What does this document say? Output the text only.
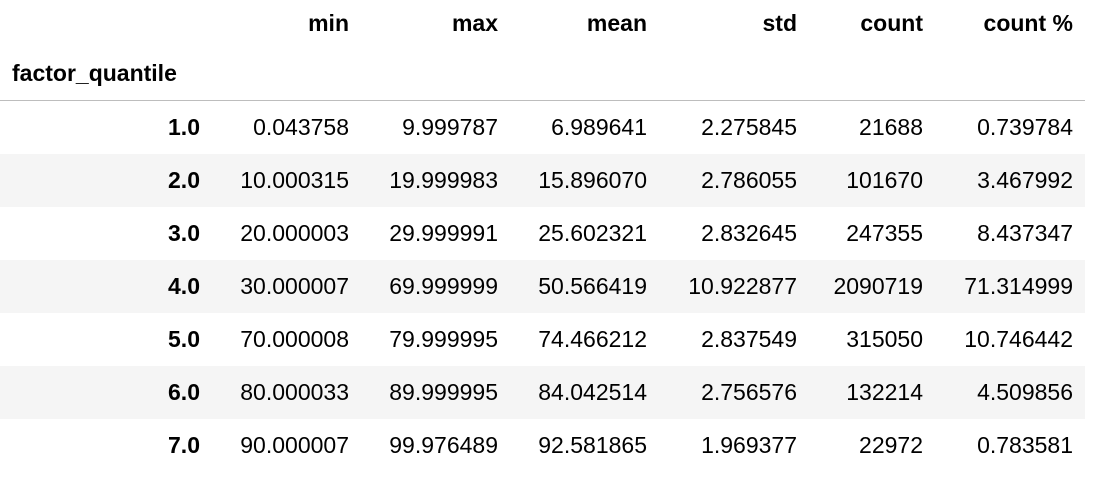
	min	max	mean	std	count	count %
factor_quantile						
1.0	0.043758	9.999787	6.989641	2.275845	21688	0.739784
2.0	10.000315	19.999983	15.896070	2.786055	101670	3.467992
3.0	20.000003	29.999991	25.602321	2.832645	247355	8.437347
4.0	30.000007	69.999999	50.566419	10.922877	2090719	71.314999
5.0	70.000008	79.999995	74.466212	2.837549	315050	10.746442
6.0	80.000033	89.999995	84.042514	2.756576	132214	4.509856
7.0	90.000007	99.976489	92.581865	1.969377	22972	0.783581
